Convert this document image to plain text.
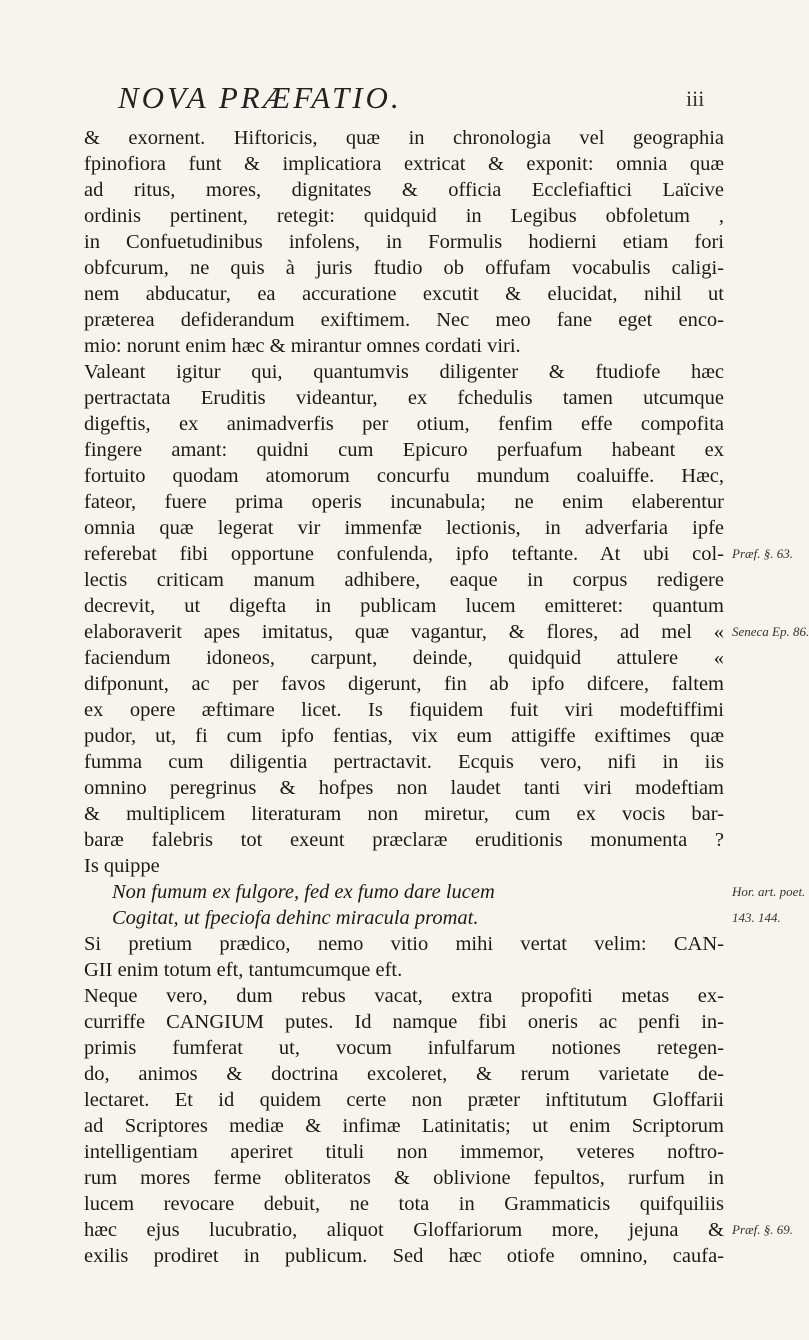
NOVA PRÆFATIO.	iii
& exornent. Hiftoricis, quæ in chronologia vel geographia
fpinofiora funt & implicatiora extricat & exponit: omnia quæ
ad ritus, mores, dignitates & officia Ecclefiaftici Laïcive
ordinis pertinent, retegit: quidquid in Legibus obfoletum ,
in Confuetudinibus infolens, in Formulis hodierni etiam fori
obfcurum, ne quis à juris ftudio ob offufam vocabulis caligi-
nem abducatur, ea accuratione excutit & elucidat, nihil ut
præterea defiderandum exiftimem. Nec meo fane eget enco-
mio: norunt enim hæc & mirantur omnes cordati viri.
Valeant igitur qui, quantumvis diligenter & ftudiofe hæc
pertractata Eruditis videantur, ex fchedulis tamen utcumque
digeftis, ex animadverfis per otium, fenfim effe compofita
fingere amant: quidni cum Epicuro perfuafum habeant ex
fortuito quodam atomorum concurfu mundum coaluiffe. Hæc,
fateor, fuere prima operis incunabula; ne enim elaberentur
omnia quæ legerat vir immenfæ lectionis, in adverfaria ipfe
referebat fibi opportune confulenda, ipfo teftante. At ubi col-
lectis criticam manum adhibere, eaque in corpus redigere
decrevit, ut digefta in publicam lucem emitteret: quantum
elaboraverit apes imitatus, quæ vagantur, & flores, ad mel «
faciendum idoneos, carpunt, deinde, quidquid attulere «
difponunt, ac per favos digerunt, fin ab ipfo difcere, faltem
ex opere æftimare licet. Is fiquidem fuit viri modeftiffimi
pudor, ut, fi cum ipfo fentias, vix eum attigiffe exiftimes quæ
fumma cum diligentia pertractavit. Ecquis vero, nifi in iis
omnino peregrinus & hofpes non laudet tanti viri modeftiam
& multiplicem literaturam non miretur, cum ex vocis bar-
baræ falebris tot exeunt præclaræ eruditionis monumenta ?
Is quippe
Non fumum ex fulgore, fed ex fumo dare lucem
Cogitat, ut fpeciofa dehinc miracula promat.
Si pretium prædico, nemo vitio mihi vertat velim: CAN-
GII enim totum eft, tantumcumque eft.
Neque vero, dum rebus vacat, extra propofiti metas ex-
curriffe CANGIUM putes. Id namque fibi oneris ac penfi in-
primis fumferat ut, vocum infulfarum notiones retegen-
do, animos & doctrina excoleret, & rerum varietate de-
lectaret. Et id quidem certe non præter inftitutum Gloffarii
ad Scriptores mediæ & infimæ Latinitatis; ut enim Scriptorum
intelligentiam aperiret tituli non immemor, veteres noftro-
rum mores ferme obliteratos & oblivione fepultos, rurfum in
lucem revocare debuit, ne tota in Grammaticis quifquiliis
hæc ejus lucubratio, aliquot Gloffariorum more, jejuna &
exilis prodiret in publicum. Sed hæc otiofe omnino, caufa-
Præf. §. 63.
Seneca Ep. 86.
Hor. art. poet.
143. 144.
Præf. §. 69.
